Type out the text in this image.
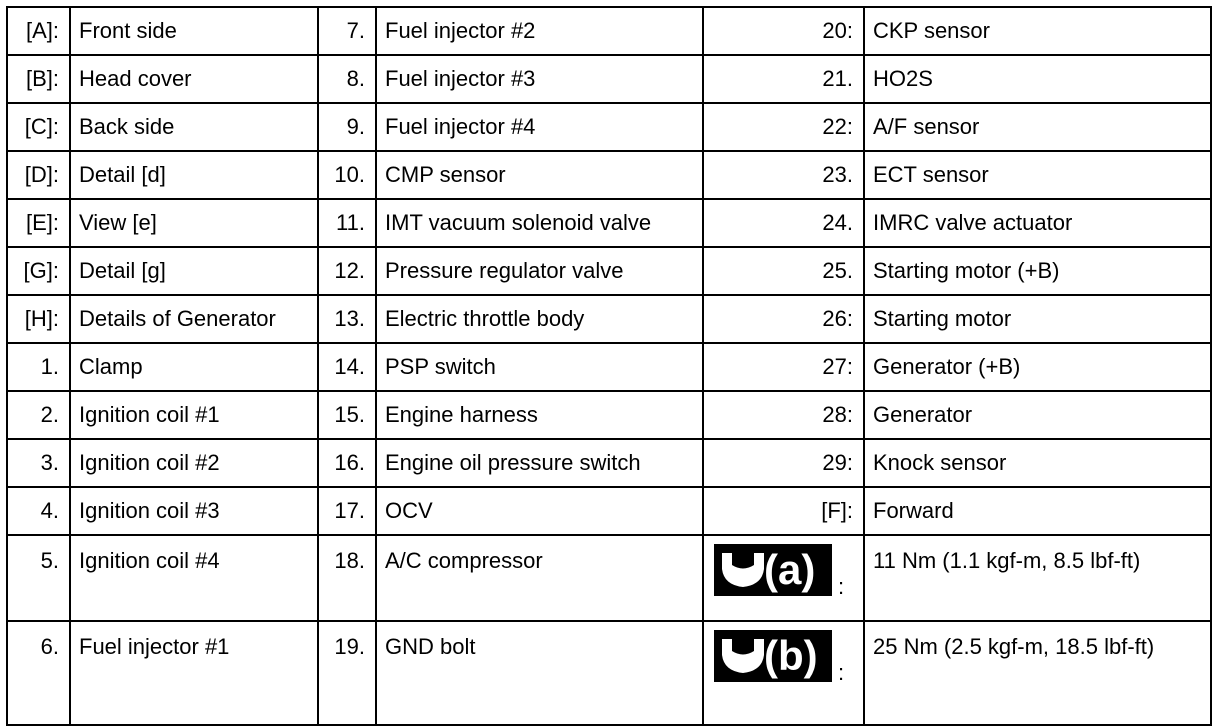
[A]:	Front side	7.	Fuel injector #2	20:	CKP sensor
[B]:	Head cover	8.	Fuel injector #3	21.	HO2S
[C]:	Back side	9.	Fuel injector #4	22:	A/F sensor
[D]:	Detail [d]	10.	CMP sensor	23.	ECT sensor
[E]:	View [e]	11.	IMT vacuum solenoid valve	24.	IMRC valve actuator
[G]:	Detail [g]	12.	Pressure regulator valve	25.	Starting motor (+B)
[H]:	Details of Generator	13.	Electric throttle body	26:	Starting motor
1.	Clamp	14.	PSP switch	27:	Generator (+B)
2.	Ignition coil #1	15.	Engine harness	28:	Generator
3.	Ignition coil #2	16.	Engine oil pressure switch	29:	Knock sensor
4.	Ignition coil #3	17.	OCV	[F]:	Forward
5.	Ignition coil #4	18.	A/C compressor	(a) :	11 Nm (1.1 kgf-m, 8.5 lbf-ft)
6.	Fuel injector #1	19.	GND bolt	(b) :	25 Nm (2.5 kgf-m, 18.5 lbf-ft)
